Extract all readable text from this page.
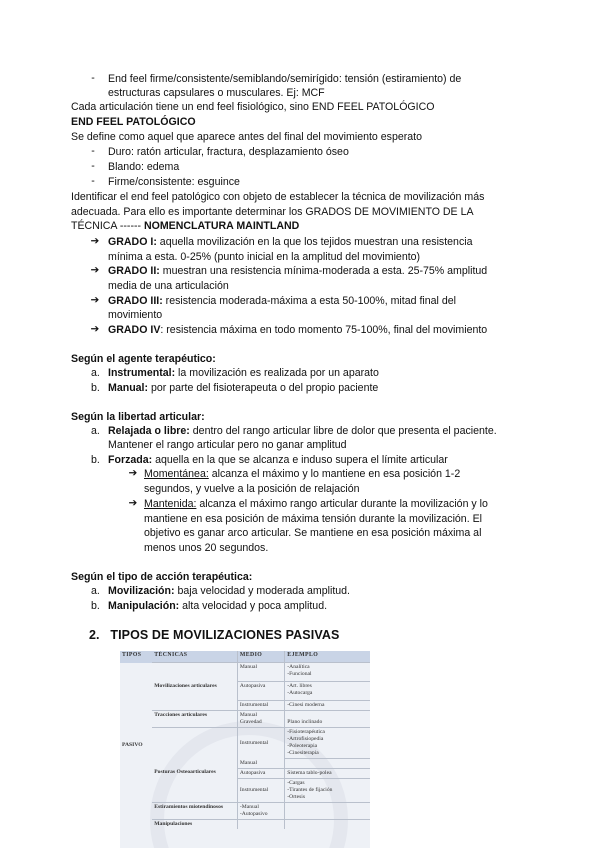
-	End feel firme/consistente/semiblando/semirígido: tensión (estiramiento) de
estructuras capsulares o musculares. Ej: MCF
Cada articulación tiene un end feel fisiológico, sino END FEEL PATOLÓGICO
END FEEL PATOLÓGICO
Se define como aquel que aparece antes del final del movimiento esperato
-	Duro: ratón articular, fractura, desplazamiento óseo
-	Blando: edema
-	Firme/consistente: esguince
Identificar el end feel patológico con objeto de establecer la técnica de movilización más
adecuada. Para ello es importante determinar los GRADOS DE MOVIMIENTO DE LA
TÉCNICA ------ NOMENCLATURA MAINTLAND
➔ GRADO I: aquella movilización en la que los tejidos muestran una resistencia
mínima a esta. 0-25% (punto inicial en la amplitud del movimiento)
➔ GRADO II: muestran una resistencia mínima-moderada a esta. 25-75% amplitud
media de una articulación
➔ GRADO III: resistencia moderada-máxima a esta 50-100%, mitad final del
movimiento
➔ GRADO IV: resistencia máxima en todo momento 75-100%, final del movimiento
Según el agente terapéutico:
a. Instrumental: la movilización es realizada por un aparato
b. Manual: por parte del fisioterapeuta o del propio paciente
Según la libertad articular:
a. Relajada o libre: dentro del rango articular libre de dolor que presenta el paciente.
Mantener el rango articular pero no ganar amplitud
b. Forzada: aquella en la que se alcanza e induso supera el límite articular
➔ Momentánea: alcanza el máximo y lo mantiene en esa posición 1-2
segundos, y vuelve a la posición de relajación
➔ Mantenida: alcanza el máximo rango articular durante la movilización y lo
mantiene en esa posición de máxima tensión durante la movilización. El
objetivo es ganar arco articular. Se mantiene en esa posición máxima al
menos unos 20 segundos.
Según el tipo de acción terapéutica:
a. Movilización: baja velocidad y moderada amplitud.
b. Manipulación: alta velocidad y poca amplitud.
2. TIPOS DE MOVILIZACIONES PASIVAS
TIPOS	TÉCNICAS	MEDIO	EJEMPLO
PASIVO		Manual	-Analítica
-Funcional
	Movilizaciones articulares	Autopasiva	-Art. libres
-Autocarga
		Instrumental	-Cinesi moderna
	Tracciones articulares	Manual
Gravedad	Plano inclinado
		Instrumental	-Fisioterapéutica
-Artrofisiopedia
-Poleoterapia
-Cinesiterapia
		Manual	
	Posturas Osteoarticulares	Autopasiva	Sistema tablo-polea
		Instrumental	-Cargas
-Tirantes de fijación
-Ortesis
	Estiramientos miotendinosos	-Manual
-Autopasivo	
	Manipulaciones		
